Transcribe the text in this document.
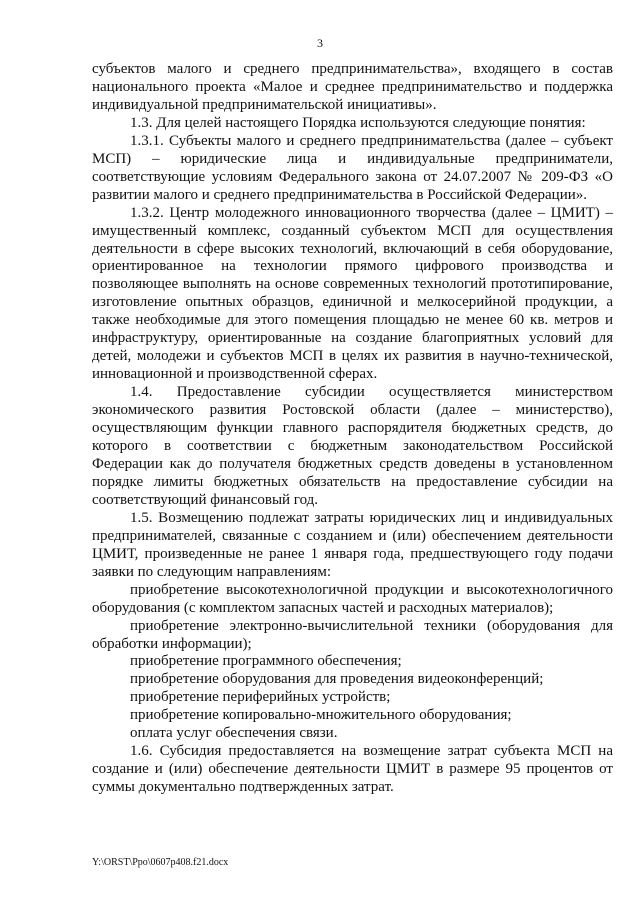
3

субъектов малого и среднего предпринимательства», входящего в состав национального проекта «Малое и среднее предпринимательство и поддержка индивидуальной предпринимательской инициативы».

1.3. Для целей настоящего Порядка используются следующие понятия:

1.3.1. Субъекты малого и среднего предпринимательства (далее – субъект МСП) – юридические лица и индивидуальные предприниматели, соответствующие условиям Федерального закона от 24.07.2007 № 209-ФЗ «О развитии малого и среднего предпринимательства в Российской Федерации».

1.3.2. Центр молодежного инновационного творчества (далее – ЦМИТ) – имущественный комплекс, созданный субъектом МСП для осуществления деятельности в сфере высоких технологий, включающий в себя оборудование, ориентированное на технологии прямого цифрового производства и позволяющее выполнять на основе современных технологий прототипирование, изготовление опытных образцов, единичной и мелкосерийной продукции, а также необходимые для этого помещения площадью не менее 60 кв. метров и инфраструктуру, ориентированные на создание благоприятных условий для детей, молодежи и субъектов МСП в целях их развития в научно-технической, инновационной и производственной сферах.

1.4. Предоставление субсидии осуществляется министерством экономического развития Ростовской области (далее – министерство), осуществляющим функции главного распорядителя бюджетных средств, до которого в соответствии с бюджетным законодательством Российской Федерации как до получателя бюджетных средств доведены в установленном порядке лимиты бюджетных обязательств на предоставление субсидии на соответствующий финансовый год.

1.5. Возмещению подлежат затраты юридических лиц и индивидуальных предпринимателей, связанные с созданием и (или) обеспечением деятельности ЦМИТ, произведенные не ранее 1 января года, предшествующего году подачи заявки по следующим направлениям:

приобретение высокотехнологичной продукции и высокотехнологичного оборудования (с комплектом запасных частей и расходных материалов);

приобретение электронно-вычислительной техники (оборудования для обработки информации);

приобретение программного обеспечения;

приобретение оборудования для проведения видеоконференций;

приобретение периферийных устройств;

приобретение копировально-множительного оборудования;

оплата услуг обеспечения связи.

1.6. Субсидия предоставляется на возмещение затрат субъекта МСП на создание и (или) обеспечение деятельности ЦМИТ в размере 95 процентов от суммы документально подтвержденных затрат.

Y:\ORST\Ppo\0607p408.f21.docx
